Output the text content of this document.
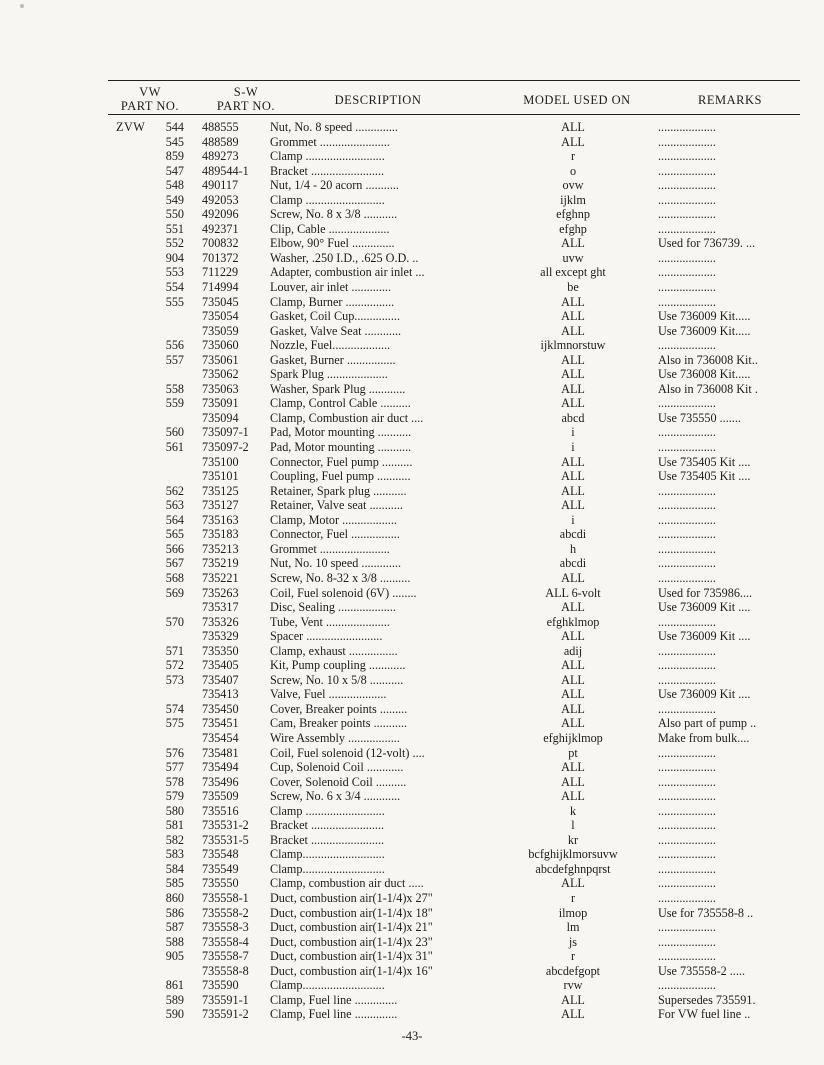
VW
PART NO.
S-W
PART NO.	DESCRIPTION	MODEL USED ON	REMARKS
ZVW	544 488555	Nut, No. 8 speed ..............	ALL	...................
545 488589	Grommet .......................	ALL	...................
859 489273	Clamp ..........................	r	...................
547 489544-1	Bracket ........................	o	...................
548 490117	Nut, 1/4 - 20 acorn ...........	ovw	...................
549 492053	Clamp ..........................	ijklm	...................
550 492096	Screw, No. 8 x 3/8 ...........	efghnp	...................
551 492371	Clip, Cable ....................	efghp	...................
552 700832	Elbow, 90° Fuel ..............	ALL	Used for 736739. ...
904 701372	Washer, .250 I.D., .625 O.D. ..	uvw	...................
553 711229	Adapter, combustion air inlet ...	all except ght	...................
554 714994	Louver, air inlet .............	be	...................
555 735045	Clamp, Burner ................	ALL	...................
735054	Gasket, Coil Cup...............	ALL	Use 736009 Kit.....
735059	Gasket, Valve Seat ............	ALL	Use 736009 Kit.....
556 735060	Nozzle, Fuel...................	ijklmnorstuw	...................
557 735061	Gasket, Burner ................	ALL	Also in 736008 Kit..
735062	Spark Plug ....................	ALL	Use 736008 Kit.....
558 735063	Washer, Spark Plug ............	ALL	Also in 736008 Kit .
559 735091	Clamp, Control Cable ..........	ALL	...................
735094	Clamp, Combustion air duct ....	abcd	Use 735550 .......
560 735097-1	Pad, Motor mounting ...........	i	...................
561 735097-2	Pad, Motor mounting ...........	i	...................
735100	Connector, Fuel pump ..........	ALL	Use 735405 Kit ....
735101	Coupling, Fuel pump ...........	ALL	Use 735405 Kit ....
562 735125	Retainer, Spark plug ...........	ALL	...................
563 735127	Retainer, Valve seat ...........	ALL	...................
564 735163	Clamp, Motor ..................	i	...................
565 735183	Connector, Fuel ................	abcdi	...................
566 735213	Grommet .......................	h	...................
567 735219	Nut, No. 10 speed .............	abcdi	...................
568 735221	Screw, No. 8-32 x 3/8 ..........	ALL	...................
569 735263	Coil, Fuel solenoid (6V) ........	ALL 6-volt	Used for 735986....
735317	Disc, Sealing ...................	ALL	Use 736009 Kit ....
570 735326	Tube, Vent .....................	efghklmop	...................
735329	Spacer .........................	ALL	Use 736009 Kit ....
571 735350	Clamp, exhaust ................	adij	...................
572 735405	Kit, Pump coupling ............	ALL	...................
573 735407	Screw, No. 10 x 5/8 ...........	ALL	...................
735413	Valve, Fuel ...................	ALL	Use 736009 Kit ....
574 735450	Cover, Breaker points .........	ALL	...................
575 735451	Cam, Breaker points ...........	ALL	Also part of pump ..
735454	Wire Assembly .................	efghijklmop	Make from bulk....
576 735481	Coil, Fuel solenoid (12-volt) ....	pt	...................
577 735494	Cup, Solenoid Coil ............	ALL	...................
578 735496	Cover, Solenoid Coil ..........	ALL	...................
579 735509	Screw, No. 6 x 3/4 ............	ALL	...................
580 735516	Clamp ..........................	k	...................
581 735531-2	Bracket ........................	l	...................
582 735531-5	Bracket ........................	kr	...................
583 735548	Clamp...........................	bcfghijklmorsuvw	...................
584 735549	Clamp...........................	abcdefghnpqrst	...................
585 735550	Clamp, combustion air duct .....	ALL	...................
860 735558-1	Duct, combustion air(1-1/4)x 27"	r	...................
586 735558-2	Duct, combustion air(1-1/4)x 18"	ilmop	Use for 735558-8 ..
587 735558-3	Duct, combustion air(1-1/4)x 21"	lm	...................
588 735558-4	Duct, combustion air(1-1/4)x 23"	js	...................
905 735558-7	Duct, combustion air(1-1/4)x 31"	r	...................
735558-8	Duct, combustion air(1-1/4)x 16"	abcdefgopt	Use 735558-2 .....
861 735590	Clamp...........................	rvw	...................
589 735591-1	Clamp, Fuel line ..............	ALL	Supersedes 735591.
590 735591-2	Clamp, Fuel line ..............	ALL	For VW fuel line ..
-43-
